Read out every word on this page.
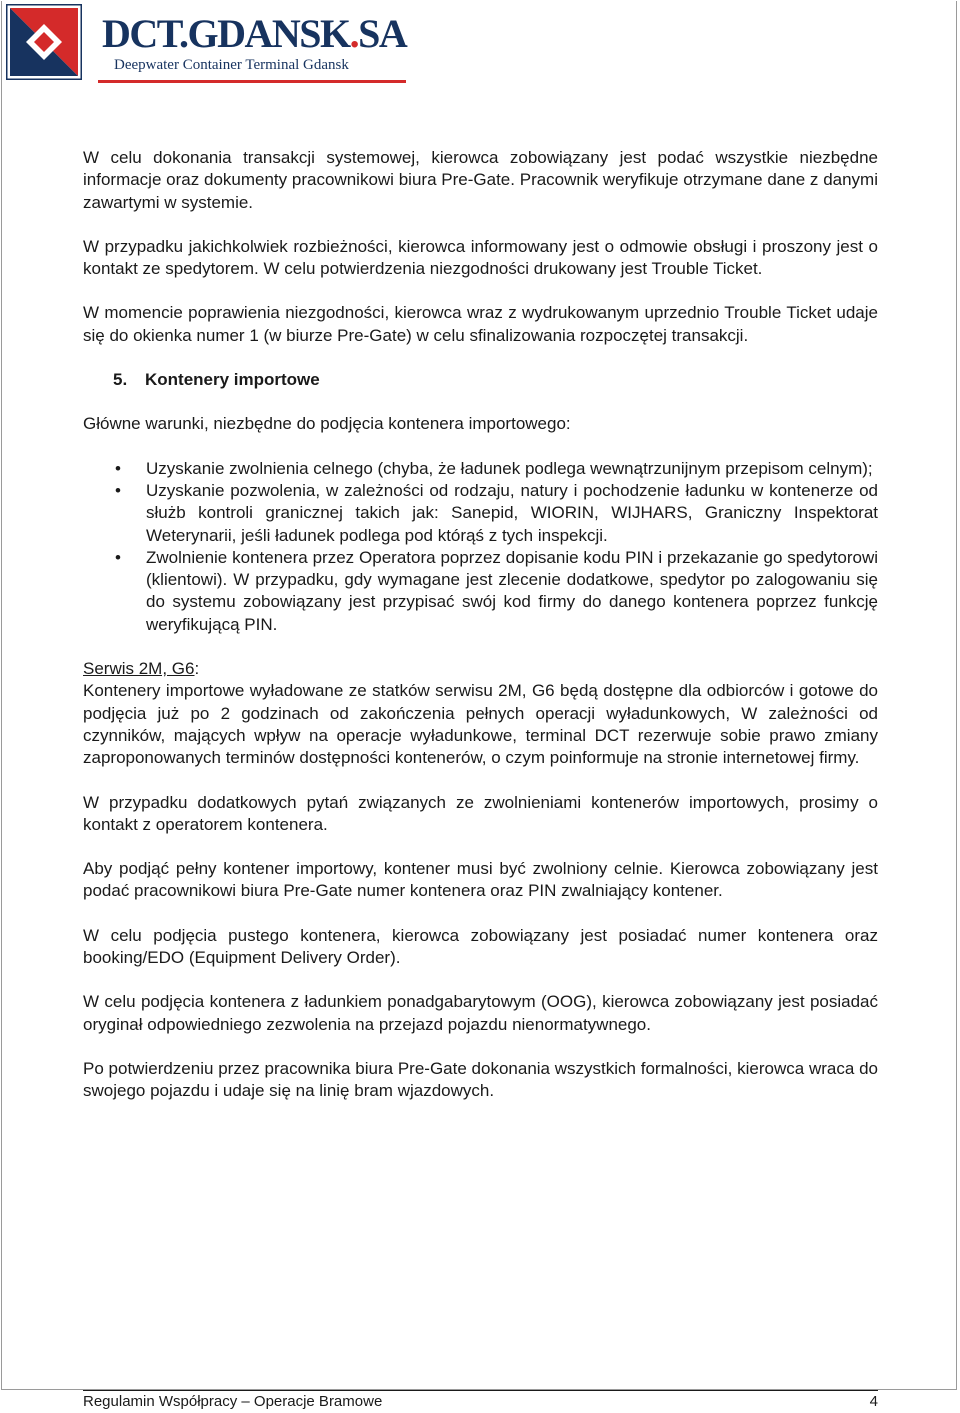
DCT.GDANSK.SA
Deepwater Container Terminal Gdansk

W celu dokonania transakcji systemowej, kierowca zobowiązany jest podać wszystkie niezbędne informacje oraz dokumenty pracownikowi biura Pre-Gate. Pracownik weryfikuje otrzymane dane z danymi zawartymi w systemie.

W przypadku jakichkolwiek rozbieżności, kierowca informowany jest o odmowie obsługi i proszony jest o kontakt ze spedytorem. W celu potwierdzenia niezgodności drukowany jest Trouble Ticket.

W momencie poprawienia niezgodności, kierowca wraz z wydrukowanym uprzednio Trouble Ticket udaje się do okienka numer 1 (w biurze Pre-Gate) w celu sfinalizowania rozpoczętej transakcji.

5. Kontenery importowe

Główne warunki, niezbędne do podjęcia kontenera importowego:

• Uzyskanie zwolnienia celnego (chyba, że ładunek podlega wewnątrzunijnym przepisom celnym);
• Uzyskanie pozwolenia, w zależności od rodzaju, natury i pochodzenie ładunku w kontenerze od służb kontroli granicznej takich jak: Sanepid, WIORIN, WIJHARS, Graniczny Inspektorat Weterynarii, jeśli ładunek podlega pod którąś z tych inspekcji.
• Zwolnienie kontenera przez Operatora poprzez dopisanie kodu PIN i przekazanie go spedytorowi (klientowi). W przypadku, gdy wymagane jest zlecenie dodatkowe, spedytor po zalogowaniu się do systemu zobowiązany jest przypisać swój kod firmy do danego kontenera poprzez funkcję weryfikującą PIN.

Serwis 2M, G6:

Kontenery importowe wyładowane ze statków serwisu 2M, G6 będą dostępne dla odbiorców i gotowe do podjęcia już po 2 godzinach od zakończenia pełnych operacji wyładunkowych, W zależności od czynników, mających wpływ na operacje wyładunkowe, terminal DCT rezerwuje sobie prawo zmiany zaproponowanych terminów dostępności kontenerów, o czym poinformuje na stronie internetowej firmy.

W przypadku dodatkowych pytań związanych ze zwolnieniami kontenerów importowych, prosimy o kontakt z operatorem kontenera.

Aby podjąć pełny kontener importowy, kontener musi być zwolniony celnie. Kierowca zobowiązany jest podać pracownikowi biura Pre-Gate numer kontenera oraz PIN zwalniający kontener.

W celu podjęcia pustego kontenera, kierowca zobowiązany jest posiadać numer kontenera oraz booking/EDO (Equipment Delivery Order).

W celu podjęcia kontenera z ładunkiem ponadgabarytowym (OOG), kierowca zobowiązany jest posiadać oryginał odpowiedniego zezwolenia na przejazd pojazdu nienormatywnego.

Po potwierdzeniu przez pracownika biura Pre-Gate dokonania wszystkich formalności, kierowca wraca do swojego pojazdu i udaje się na linię bram wjazdowych.

Regulamin Współpracy – Operacje Bramowe	4
